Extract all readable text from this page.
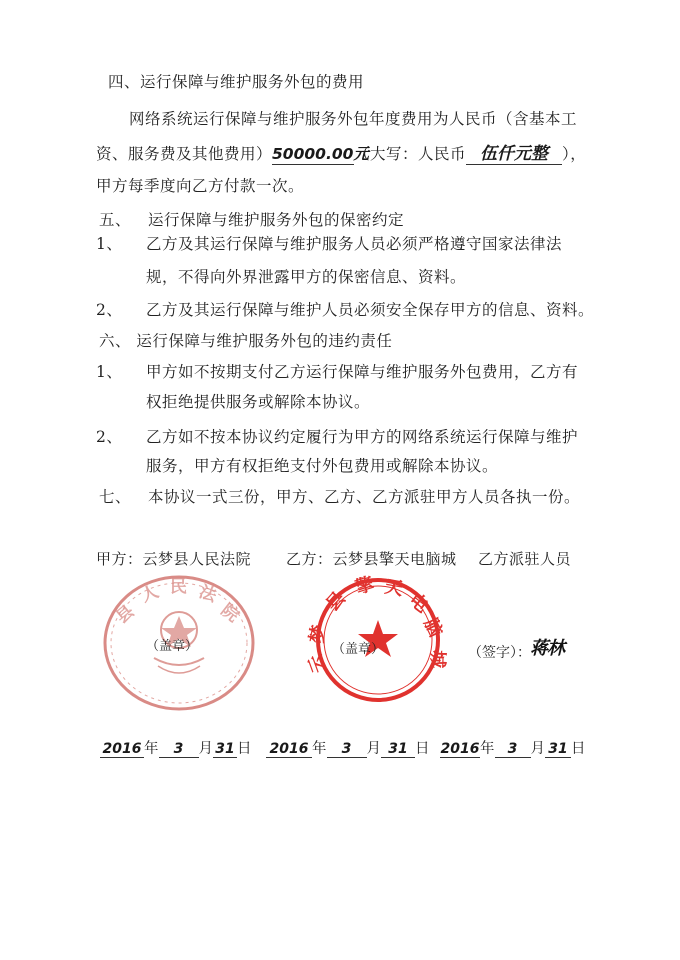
四、运行保障与维护服务外包的费用
网络系统运行保障与维护服务外包年度费用为人民币（含基本工
资、服务费及其他费用）50000.00元（大写：人民币 伍仟元整 ），
甲方每季度向乙方付款一次。
五、 运行保障与维护服务外包的保密约定
1、 乙方及其运行保障与维护服务人员必须严格遵守国家法律法
规，不得向外界泄露甲方的保密信息、资料。
2、 乙方及其运行保障与维护人员必须安全保存甲方的信息、资料。
六、 运行保障与维护服务外包的违约责任
1、 甲方如不按期支付乙方运行保障与维护服务外包费用，乙方有
权拒绝提供服务或解除本协议。
2、 乙方如不按本协议约定履行为甲方的网络系统运行保障与维护
服务，甲方有权拒绝支付外包费用或解除本协议。
七、 本协议一式三份，甲方、乙方、乙方派驻甲方人员各执一份。
甲方：云梦县人民法院 乙方：云梦县擎天电脑城 乙方派驻人员
县
人 民 法
院
（盖章）
云
梦
县
擎 天
电
脑
城
（盖章）	（签字）： 蒋林
2016 年 3 月 31 日 2016 年 3 月 31 日 2016年 3 月 31 日
